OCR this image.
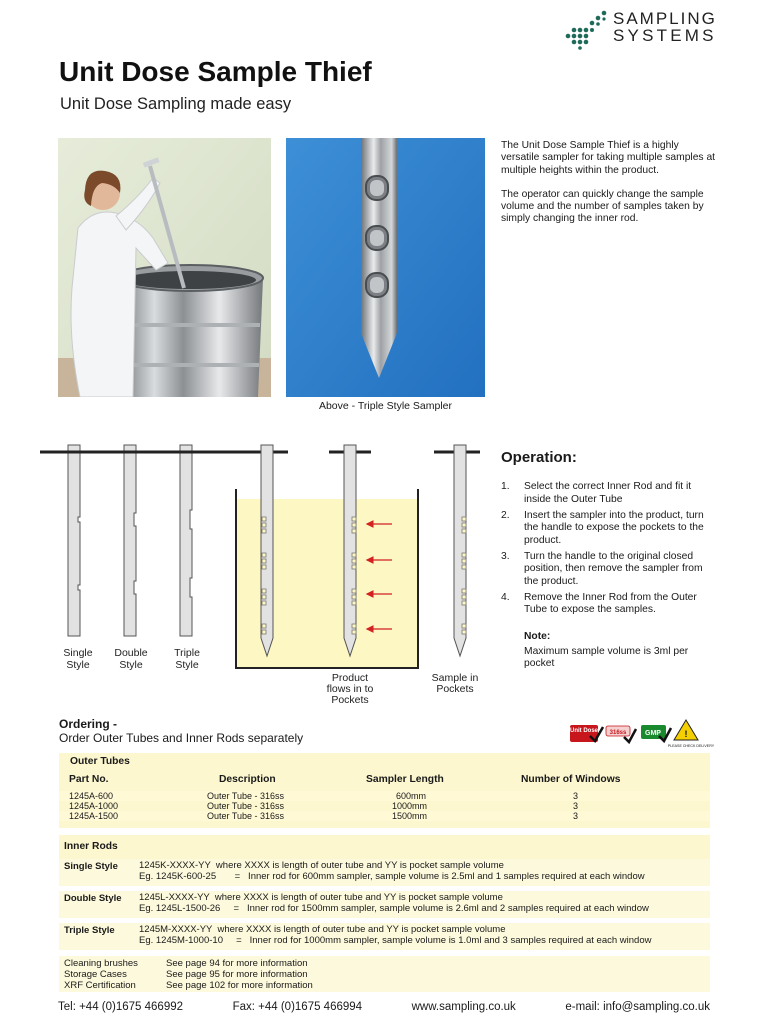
SAMPLING
SYSTEMS
Unit Dose Sample Thief
Unit Dose Sampling made easy
Above - Triple Style Sampler

The Unit Dose Sample Thief is a highly versatile sampler for taking multiple samples at multiple heights within the product.

The operator can quickly change the sample volume and the number of samples taken by simply changing the inner rod.

Single
Style
Double
Style
Triple
Style
Product
flows in to
Pockets
Sample in
Pockets
Operation:
1.	Select the correct Inner Rod and fit it inside the Outer Tube
2.	Insert the sampler into the product, turn the handle to expose the pockets to the product.
3.	Turn the handle to the original closed position, then remove the sampler from the product.
4.	Remove the Inner Rod from the Outer Tube to expose the samples.
Note:
Maximum sample volume is 3ml per pocket
Ordering -
Order Outer Tubes and Inner Rods separately	Unit Dose 316ss	GMP	!
PLEASE CHECK DELIVERY
Outer Tubes
Part No.	Description	Sampler Length	Number of Windows
1245A-600	Outer Tube - 316ss	600mm	3
1245A-1000	Outer Tube - 316ss	1000mm	3
1245A-1500	Outer Tube - 316ss	1500mm	3
Inner Rods
Single Style 1245K-XXXX-YY  where XXXX is length of outer tube and YY is pocket sample volume
Eg. 1245K-600-25       =   Inner rod for 600mm sampler, sample volume is 2.5ml and 1 samples required at each window
Double Style 1245L-XXXX-YY  where XXXX is length of outer tube and YY is pocket sample volume
Eg. 1245L-1500-26     =   Inner rod for 1500mm sampler, sample volume is 2.6ml and 2 samples required at each window
Triple Style	1245M-XXXX-YY  where XXXX is length of outer tube and YY is pocket sample volume
Eg. 1245M-1000-10     =   Inner rod for 1000mm sampler, sample volume is 1.0ml and 3 samples required at each window
Cleaning brushes	See page 94 for more information
Storage Cases	See page 95 for more information
XRF Certification	See page 102 for more information
Tel: +44 (0)1675 466992	Fax: +44 (0)1675 466994	www.sampling.co.uk	e-mail: info@sampling.co.uk
